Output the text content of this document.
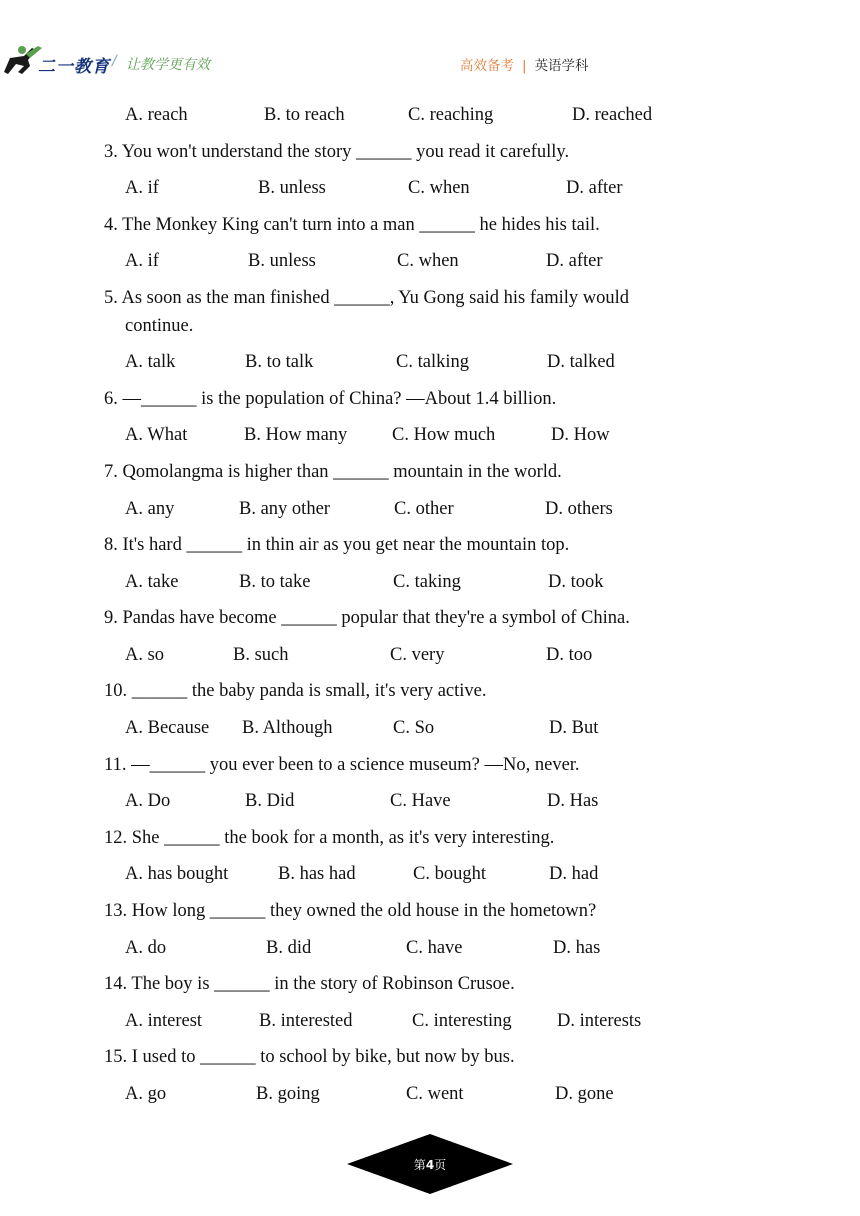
二一教育 / 让教学更有效	高效备考 | 英语学科
A. reach	B. to reach	C. reaching	D. reached
3. You won't understand the story ______ you read it carefully.
A. if	B. unless	C. when	D. after
4. The Monkey King can't turn into a man ______ he hides his tail.
A. if	B. unless	C. when	D. after
5. As soon as the man finished ______, Yu Gong said his family would
continue.
A. talk	B. to talk	C. talking	D. talked
6. —______ is the population of China? —About 1.4 billion.
A. What	B. How many C. How much	D. How
7. Qomolangma is higher than ______ mountain in the world.
A. any	B. any other	C. other	D. others
8. It's hard ______ in thin air as you get near the mountain top.
A. take	B. to take	C. taking	D. took
9. Pandas have become ______ popular that they're a symbol of China.
A. so	B. such	C. very	D. too
10. ______ the baby panda is small, it's very active.
A. Because B. Although	C. So	D. But
11. —______ you ever been to a science museum? —No, never.
A. Do	B. Did	C. Have	D. Has
12. She ______ the book for a month, as it's very interesting.
A. has bought	B. has had	C. bought	D. had
13. How long ______ they owned the old house in the hometown?
A. do	B. did	C. have	D. has
14. The boy is ______ in the story of Robinson Crusoe.
A. interest	B. interested	C. interesting D. interests
15. I used to ______ to school by bike, but now by bus.
A. go	B. going	C. went	D. gone
第4页
